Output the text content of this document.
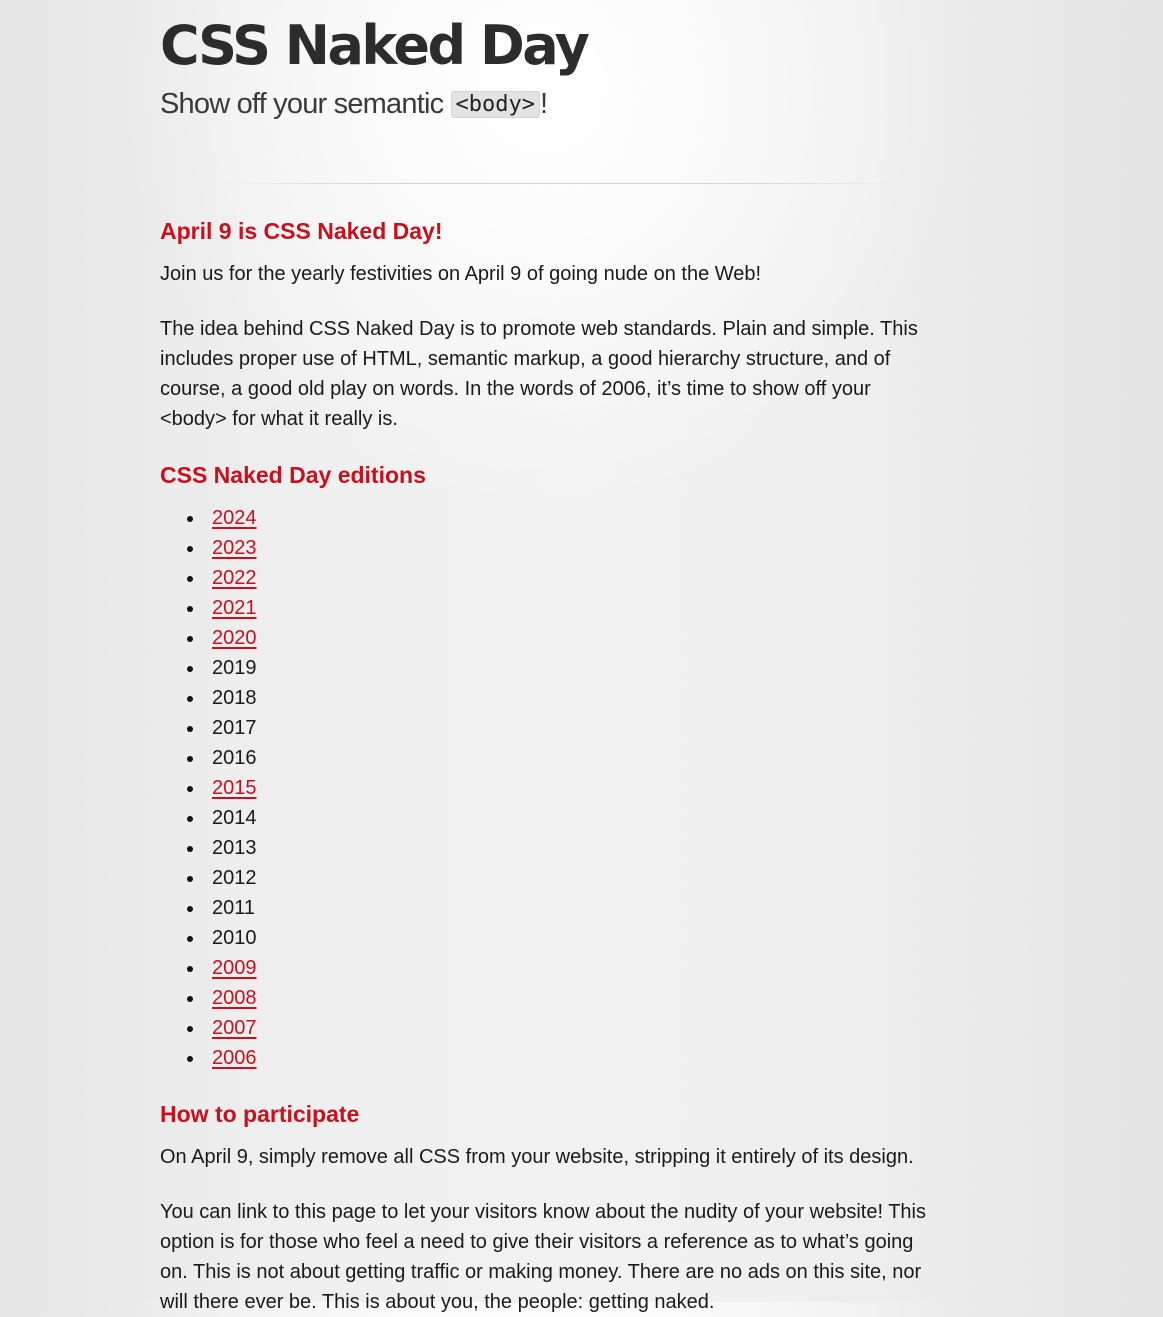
CSS Naked Day
Show off your semantic <body> !
April 9 is CSS Naked Day!

Join us for the yearly festivities on April 9 of going nude on the Web!

The idea behind CSS Naked Day is to promote web standards. Plain and simple. This includes proper use of HTML, semantic markup, a good hierarchy structure, and of course, a good old play on words. In the words of 2006, it’s time to show off your <body> for what it really is.

CSS Naked Day editions
2024
2023
2022
2021
2020
2019
2018
2017
2016
2015
2014
2013
2012
2011
2010
2009
2008
2007
2006
How to participate

On April 9, simply remove all CSS from your website, stripping it entirely of its design.

You can link to this page to let your visitors know about the nudity of your website! This option is for those who feel a need to give their visitors a reference as to what’s going on. This is not about getting traffic or making money. There are no ads on this site, nor will there ever be. This is about you, the people: getting naked.
